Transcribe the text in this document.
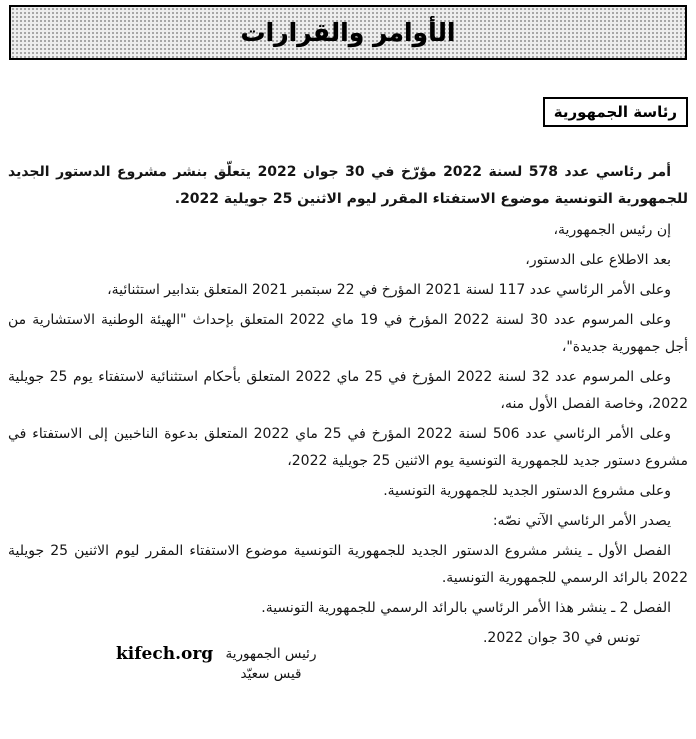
الأوامر والقرارات
رئاسة الجمهورية

أمر رئاسي عدد 578 لسنة 2022 مؤرّخ في 30 جوان 2022 يتعلّق بنشر مشروع الدستور الجديد للجمهورية التونسية موضوع الاستفتاء المقرر ليوم الاثنين 25 جويلية 2022.

إن رئيس الجمهورية،

بعد الاطلاع على الدستور،

وعلى الأمر الرئاسي عدد 117 لسنة 2021 المؤرخ في 22 سبتمبر 2021 المتعلق بتدابير استثنائية،

وعلى المرسوم عدد 30 لسنة 2022 المؤرخ في 19 ماي 2022 المتعلق بإحداث "الهيئة الوطنية الاستشارية من أجل جمهورية جديدة"،

وعلى المرسوم عدد 32 لسنة 2022 المؤرخ في 25 ماي 2022 المتعلق بأحكام استثنائية لاستفتاء يوم 25 جويلية 2022، وخاصة الفصل الأول منه،

وعلى الأمر الرئاسي عدد 506 لسنة 2022 المؤرخ في 25 ماي 2022 المتعلق بدعوة الناخبين إلى الاستفتاء في مشروع دستور جديد للجمهورية التونسية يوم الاثنين 25 جويلية 2022،

وعلى مشروع الدستور الجديد للجمهورية التونسية.

يصدر الأمر الرئاسي الآتي نصّه:

الفصل الأول ـ ينشر مشروع الدستور الجديد للجمهورية التونسية موضوع الاستفتاء المقرر ليوم الاثنين 25 جويلية 2022 بالرائد الرسمي للجمهورية التونسية.

الفصل 2 ـ ينشر هذا الأمر الرئاسي بالرائد الرسمي للجمهورية التونسية.

تونس في 30 جوان 2022.

رئيس الجمهورية
قيس سعيّد
kifech.org
